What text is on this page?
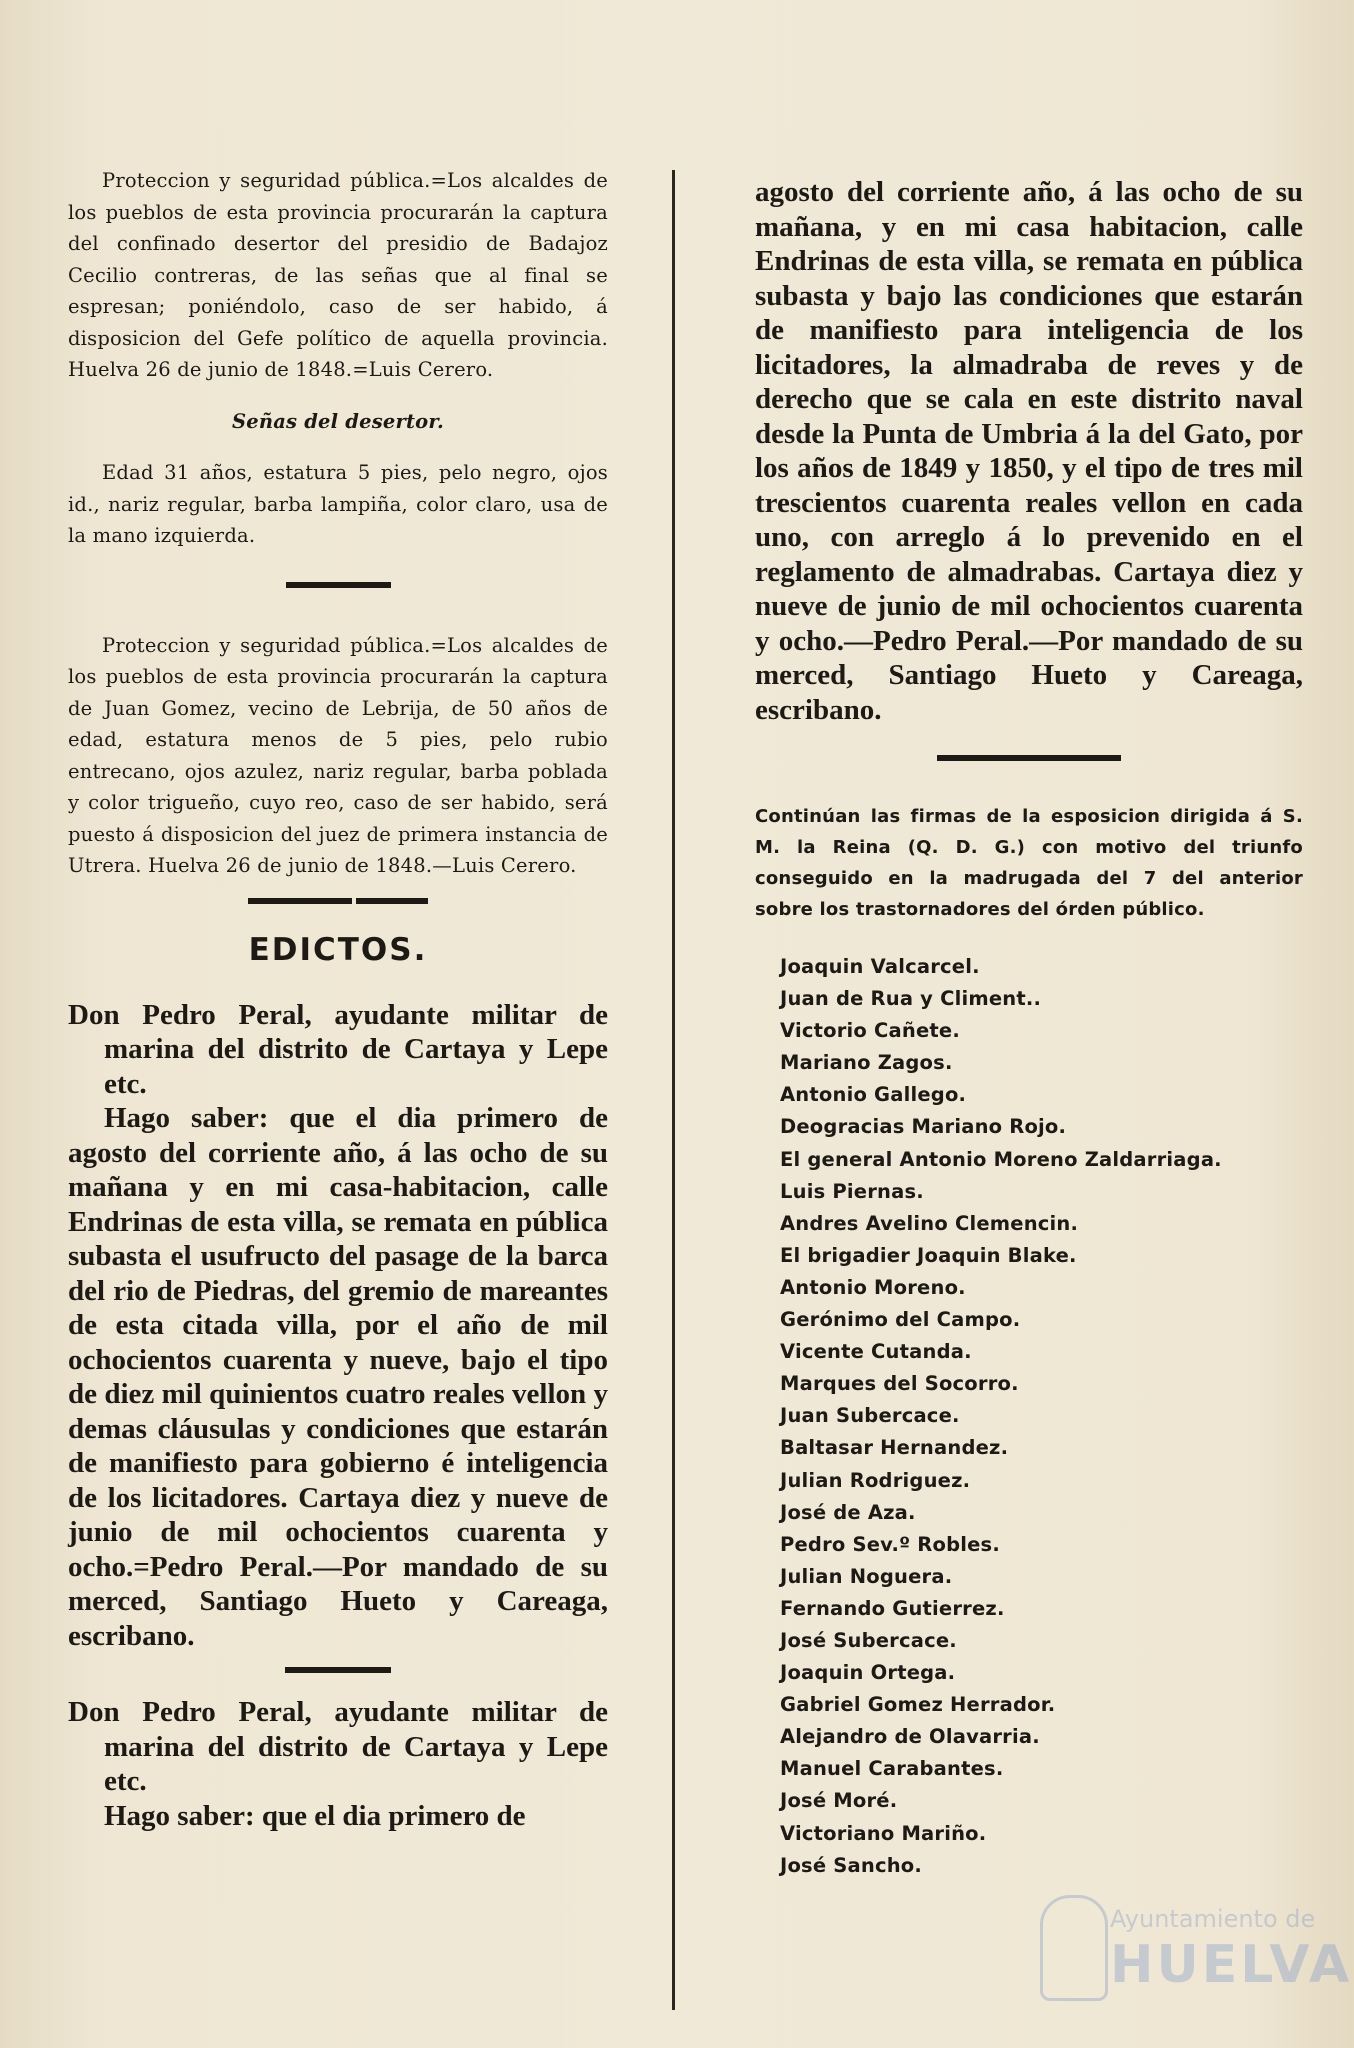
Proteccion y seguridad pública.=Los alcaldes de los pueblos de esta provincia procurarán la captura del confinado desertor del presidio de Badajoz Cecilio contreras, de las señas que al final se espresan; poniéndolo, caso de ser habido, á disposicion del Gefe político de aquella provincia. Huelva 26 de junio de 1848.=Luis Cerero.

Señas del desertor.

Edad 31 años, estatura 5 pies, pelo negro, ojos id., nariz regular, barba lampiña, color claro, usa de la mano izquierda.

Proteccion y seguridad pública.=Los alcaldes de los pueblos de esta provincia procurarán la captura de Juan Gomez, vecino de Lebrija, de 50 años de edad, estatura menos de 5 pies, pelo rubio entrecano, ojos azulez, nariz regular, barba poblada y color trigueño, cuyo reo, caso de ser habido, será puesto á disposicion del juez de primera instancia de Utrera. Huelva 26 de junio de 1848.—Luis Cerero.

EDICTOS.

Don Pedro Peral, ayudante militar de marina del distrito de Cartaya y Lepe etc.

Hago saber: que el dia primero de agosto del corriente año, á las ocho de su mañana y en mi casa-habitacion, calle Endrinas de esta villa, se remata en pública subasta el usufructo del pasage de la barca del rio de Piedras, del gremio de mareantes de esta citada villa, por el año de mil ochocientos cuarenta y nueve, bajo el tipo de diez mil quinientos cuatro reales vellon y demas cláusulas y condiciones que estarán de manifiesto para gobierno é inteligencia de los licitadores. Cartaya diez y nueve de junio de mil ochocientos cuarenta y ocho.=Pedro Peral.—Por mandado de su merced, Santiago Hueto y Careaga, escribano.

Don Pedro Peral, ayudante militar de marina del distrito de Cartaya y Lepe etc.

Hago saber: que el dia primero de

agosto del corriente año, á las ocho de su mañana, y en mi casa habitacion, calle Endrinas de esta villa, se remata en pública subasta y bajo las condiciones que estarán de manifiesto para inteligencia de los licitadores, la almadraba de reves y de derecho que se cala en este distrito naval desde la Punta de Umbria á la del Gato, por los años de 1849 y 1850, y el tipo de tres mil trescientos cuarenta reales vellon en cada uno, con arreglo á lo prevenido en el reglamento de almadrabas. Cartaya diez y nueve de junio de mil ochocientos cuarenta y ocho.—Pedro Peral.—Por mandado de su merced, Santiago Hueto y Careaga, escribano.

Continúan las firmas de la esposicion dirigida á S. M. la Reina (Q. D. G.) con motivo del triunfo conseguido en la madrugada del 7 del anterior sobre los trastornadores del órden público.

Joaquin Valcarcel.
Juan de Rua y Climent..
Victorio Cañete.
Mariano Zagos.
Antonio Gallego.
Deogracias Mariano Rojo.
El general Antonio Moreno Zaldarriaga.
Luis Piernas.
Andres Avelino Clemencin.
El brigadier Joaquin Blake.
Antonio Moreno.
Gerónimo del Campo.
Vicente Cutanda.
Marques del Socorro.
Juan Subercace.
Baltasar Hernandez.
Julian Rodriguez.
José de Aza.
Pedro Sev.º Robles.
Julian Noguera.
Fernando Gutierrez.
José Subercace.
Joaquin Ortega.
Gabriel Gomez Herrador.
Alejandro de Olavarria.
Manuel Carabantes.
José Moré.
Victoriano Mariño.
José Sancho.
Ayuntamiento de
HUELVA
